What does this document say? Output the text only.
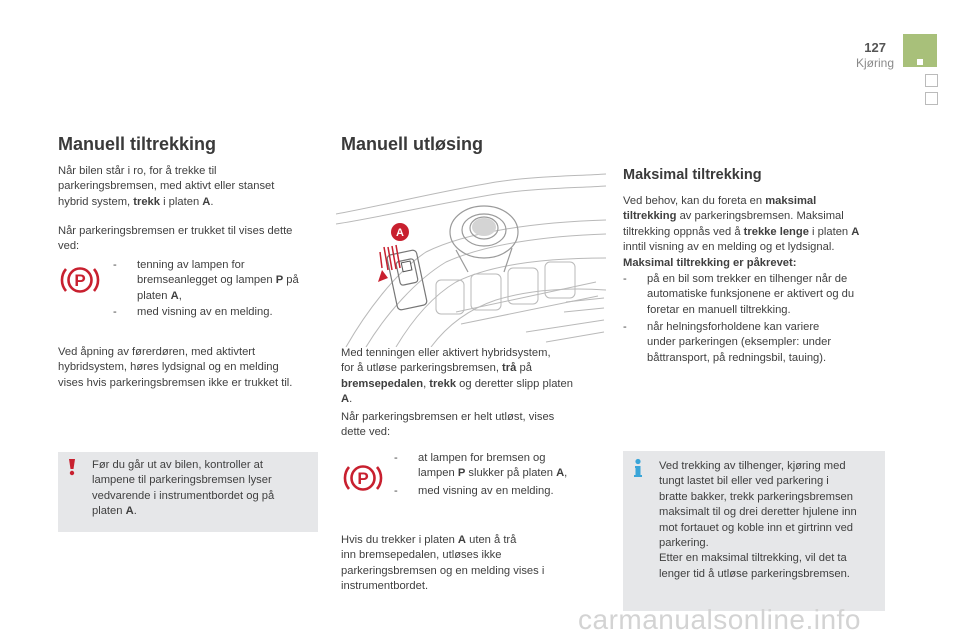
127
Kjøring
Manuell tiltrekking

Når bilen står i ro, for å trekke til
parkeringsbremsen, med aktivt eller stanset
hybrid system, trekk i platen A.

Når parkeringsbremsen er trukket til vises dette
ved:

P
- tenning av lampen for
bremseanlegget og lampen P på
platen A,
- med visning av en melding.

Ved åpning av førerdøren, med aktivtert
hybridsystem, høres lydsignal og en melding
vises hvis parkeringsbremsen ikke er trukket til.

Før du går ut av bilen, kontroller at
lampene til parkeringsbremsen lyser
vedvarende i instrumentbordet og på
platen A.

Manuell utløsing
A

Med tenningen eller aktivert hybridsystem,
for å utløse parkeringsbremsen, trå på
bremsepedalen, trekk og deretter slipp platen
A.

Når parkeringsbremsen er helt utløst, vises
dette ved:

P
- at lampen for bremsen og
lampen P slukker på platen A,
- med visning av en melding.

Hvis du trekker i platen A uten å trå
inn bremsepedalen, utløses ikke
parkeringsbremsen og en melding vises i
instrumentbordet.

Maksimal tiltrekking

Ved behov, kan du foreta en maksimal
tiltrekking av parkeringsbremsen. Maksimal
tiltrekking oppnås ved å trekke lenge i platen A
inntil visning av en melding og et lydsignal.

Maksimal tiltrekking er påkrevet:

- på en bil som trekker en tilhenger når de
automatiske funksjonene er aktivert og du
foretar en manuell tiltrekking.
- når helningsforholdene kan variere
under parkeringen (eksempler: under
båttransport, på redningsbil, tauing).

Ved trekking av tilhenger, kjøring med
tungt lastet bil eller ved parkering i
bratte bakker, trekk parkeringsbremsen
maksimalt til og drei deretter hjulene inn
mot fortauet og koble inn et girtrinn ved
parkering.
Etter en maksimal tiltrekking, vil det ta
lenger tid å utløse parkeringsbremsen.

carmanualsonline.info
